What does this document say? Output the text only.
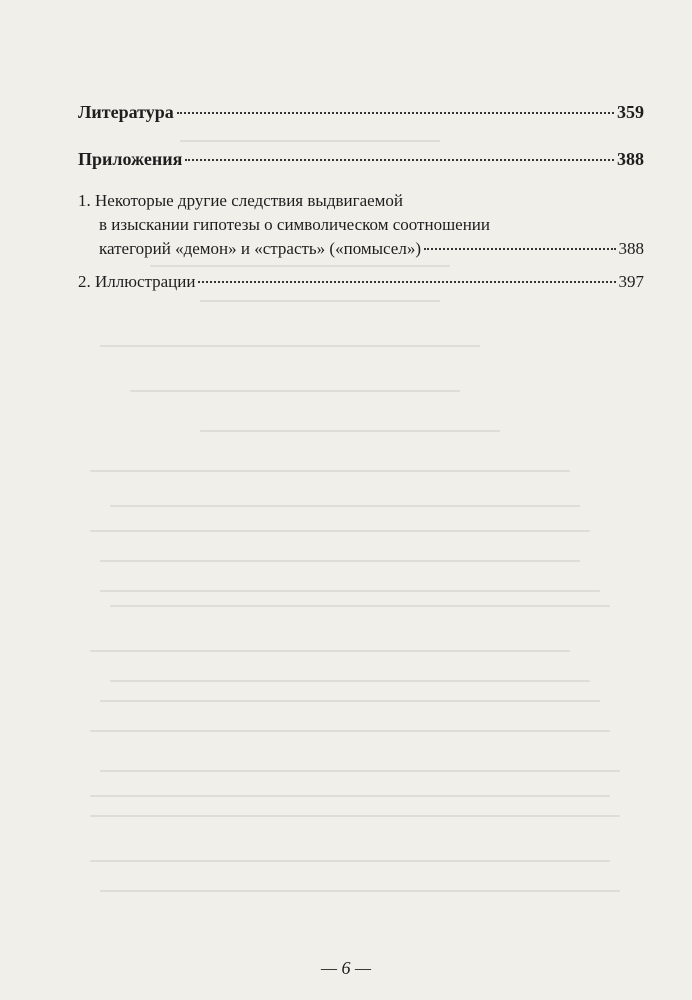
Литература	359
Приложения	388
1. Некоторые другие следствия выдвигаемой
в изыскании гипотезы о символическом соотношении
категорий «демон» и «страсть» («помысел»)	388
2. Иллюстрации	397
— 6 —
